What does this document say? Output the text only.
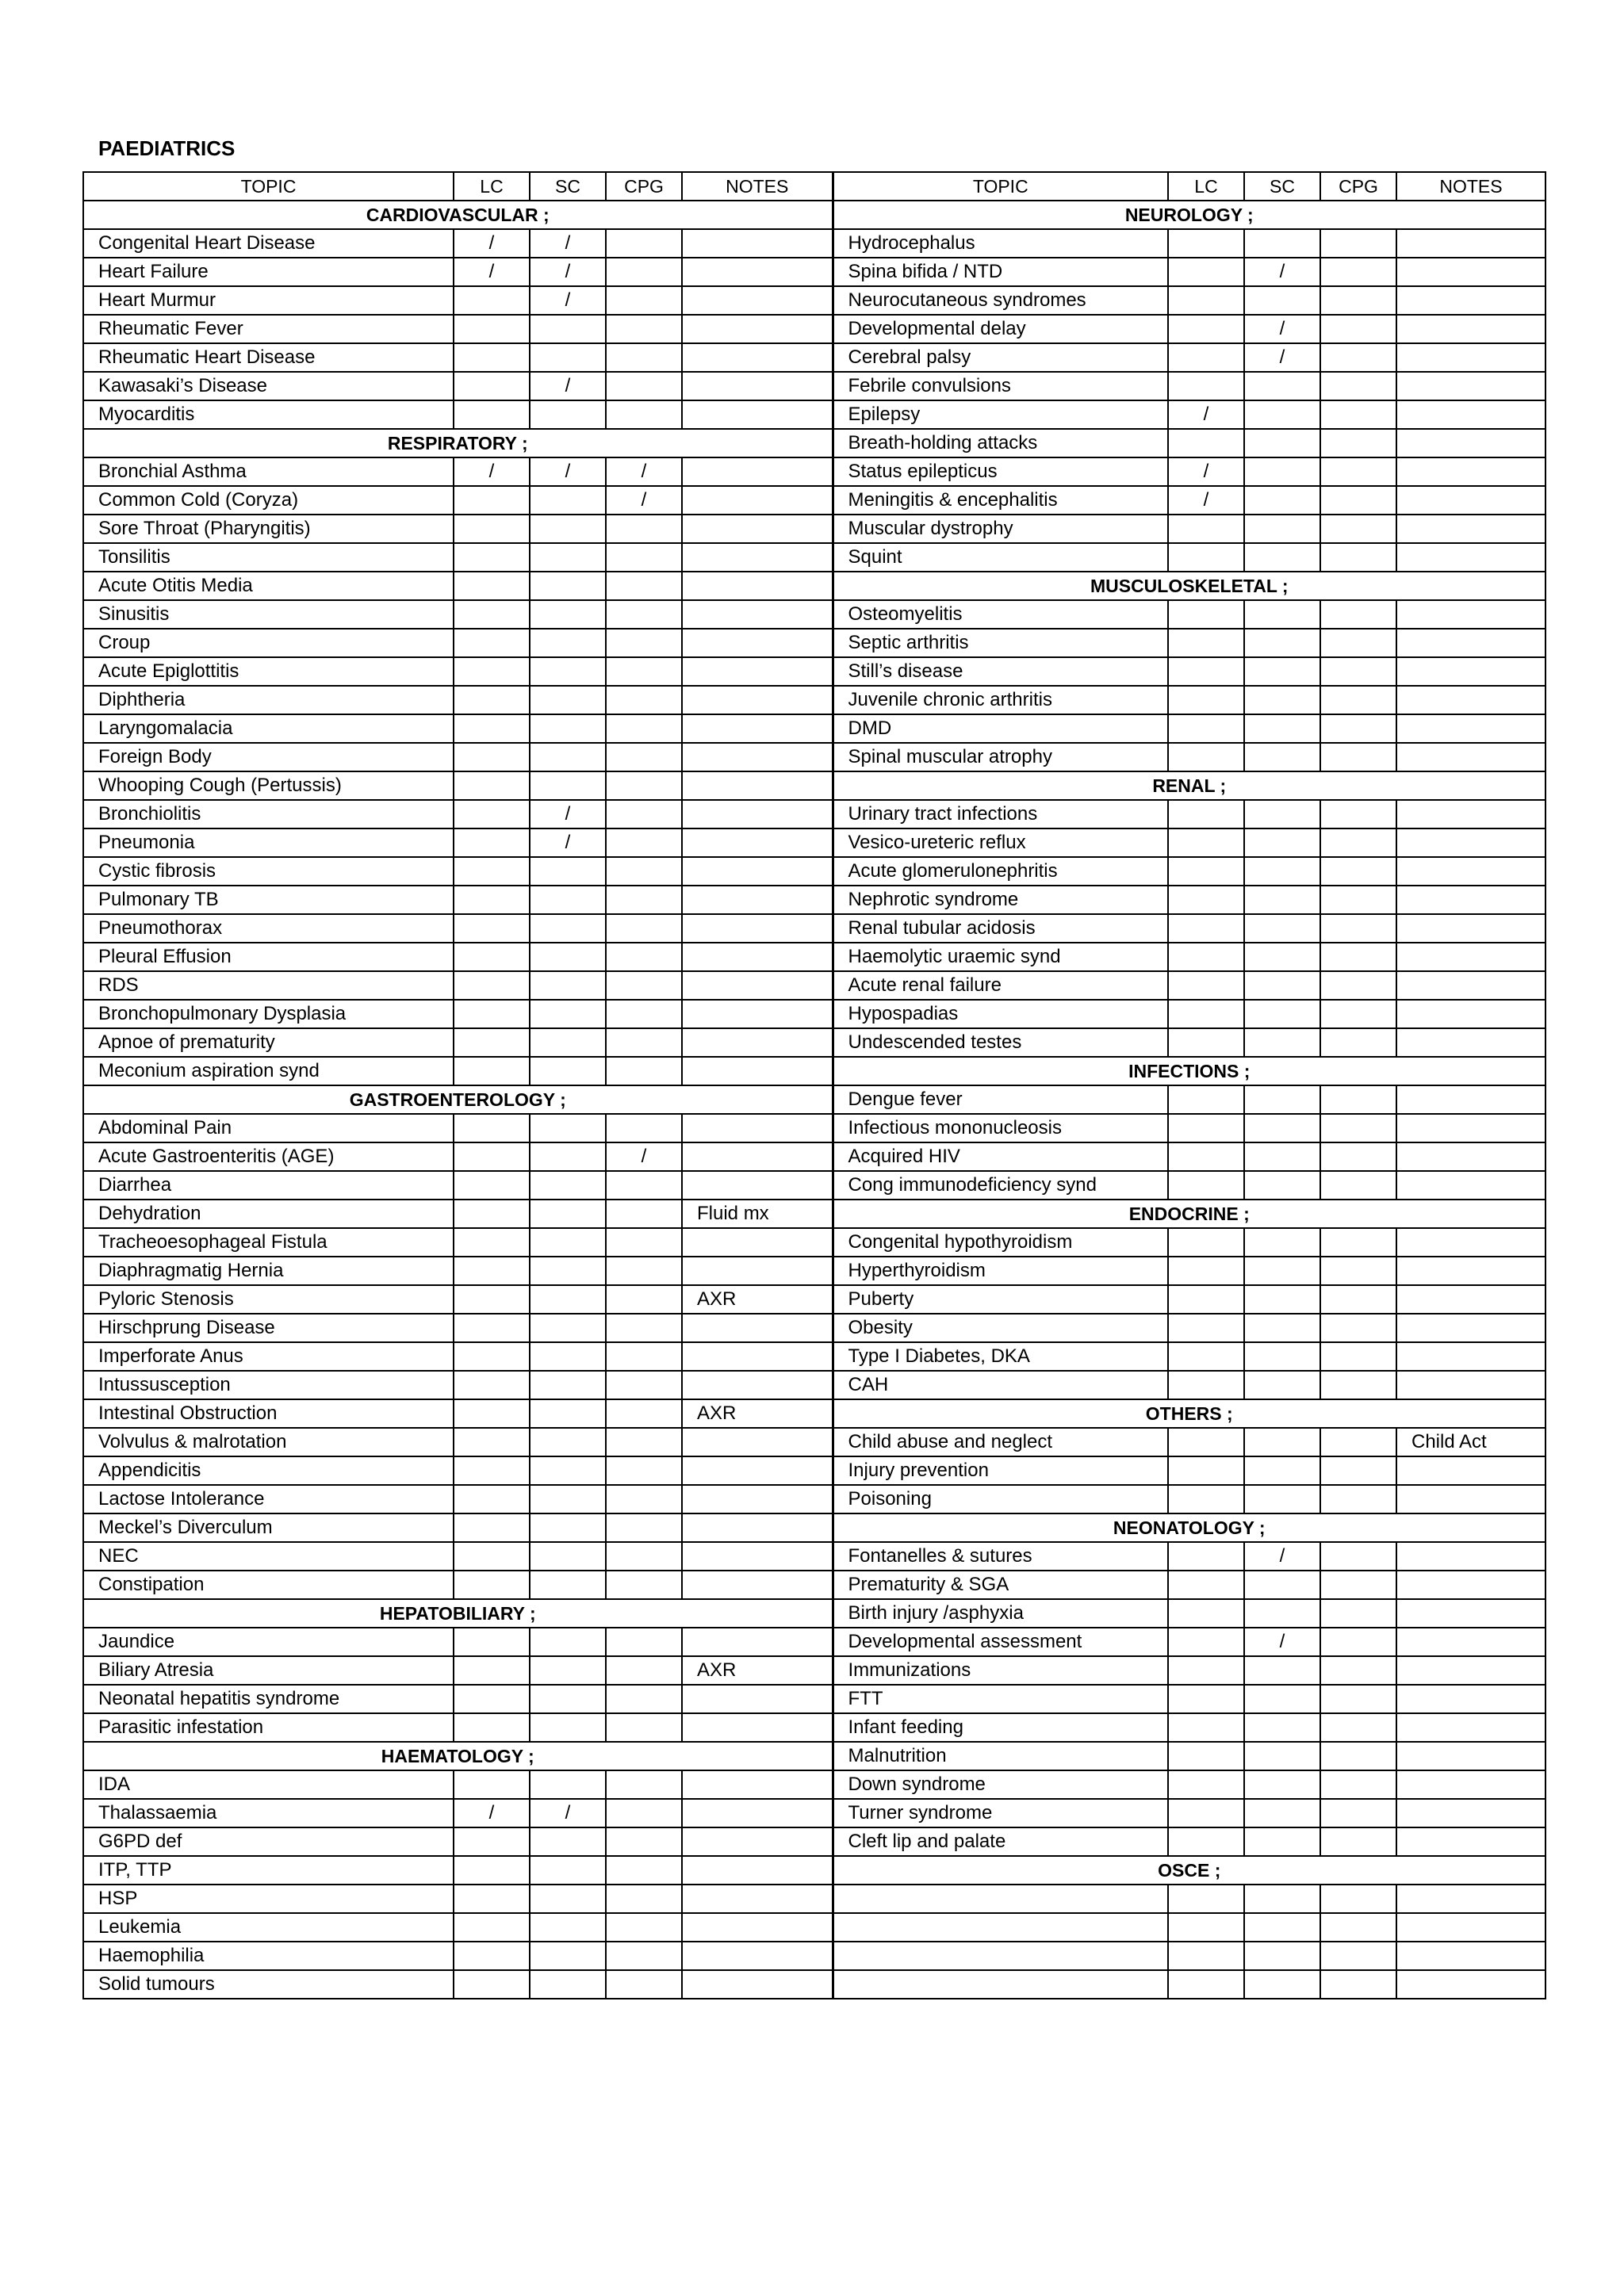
PAEDIATRICS
TOPIC	LC	SC	CPG	NOTES	TOPIC	LC	SC	CPG	NOTES
CARDIOVASCULAR ;					NEUROLOGY ;				
Congenital Heart Disease	/	/			Hydrocephalus				
Heart Failure	/	/			Spina bifida / NTD		/		
Heart Murmur		/			Neurocutaneous syndromes				
Rheumatic Fever					Developmental delay		/		
Rheumatic Heart Disease					Cerebral palsy		/		
Kawasaki’s Disease		/			Febrile convulsions				
Myocarditis					Epilepsy	/			
RESPIRATORY ;					Breath-holding attacks				
Bronchial Asthma	/	/	/		Status epilepticus	/			
Common Cold (Coryza)			/		Meningitis & encephalitis	/			
Sore Throat (Pharyngitis)					Muscular dystrophy				
Tonsilitis					Squint				
Acute Otitis Media					MUSCULOSKELETAL ;				
Sinusitis					Osteomyelitis				
Croup					Septic arthritis				
Acute Epiglottitis					Still’s disease				
Diphtheria					Juvenile chronic arthritis				
Laryngomalacia					DMD				
Foreign Body					Spinal muscular atrophy				
Whooping Cough (Pertussis)					RENAL ;				
Bronchiolitis		/			Urinary tract infections				
Pneumonia		/			Vesico-ureteric reflux				
Cystic fibrosis					Acute glomerulonephritis				
Pulmonary TB					Nephrotic syndrome				
Pneumothorax					Renal tubular acidosis				
Pleural Effusion					Haemolytic uraemic synd				
RDS					Acute renal failure				
Bronchopulmonary Dysplasia					Hypospadias				
Apnoe of prematurity					Undescended testes				
Meconium aspiration synd					INFECTIONS ;				
GASTROENTEROLOGY ;					Dengue fever				
Abdominal Pain					Infectious mononucleosis				
Acute Gastroenteritis (AGE)			/		Acquired HIV				
Diarrhea					Cong immunodeficiency synd				
Dehydration				Fluid mx	ENDOCRINE ;				
Tracheoesophageal Fistula					Congenital hypothyroidism				
Diaphragmatig Hernia					Hyperthyroidism				
Pyloric Stenosis				AXR	Puberty				
Hirschprung Disease					Obesity				
Imperforate Anus					Type I Diabetes, DKA				
Intussusception					CAH				
Intestinal Obstruction				AXR	OTHERS ;				
Volvulus & malrotation					Child abuse and neglect				Child Act
Appendicitis					Injury prevention				
Lactose Intolerance					Poisoning				
Meckel’s Diverculum					NEONATOLOGY ;				
NEC					Fontanelles & sutures		/		
Constipation					Prematurity & SGA				
HEPATOBILIARY ;					Birth injury /asphyxia				
Jaundice					Developmental assessment		/		
Biliary Atresia				AXR	Immunizations				
Neonatal hepatitis syndrome					FTT				
Parasitic infestation					Infant feeding				
HAEMATOLOGY ;					Malnutrition				
IDA					Down syndrome				
Thalassaemia	/	/			Turner syndrome				
G6PD def					Cleft lip and palate				
ITP, TTP					OSCE ;				
HSP									
Leukemia									
Haemophilia									
Solid tumours									
